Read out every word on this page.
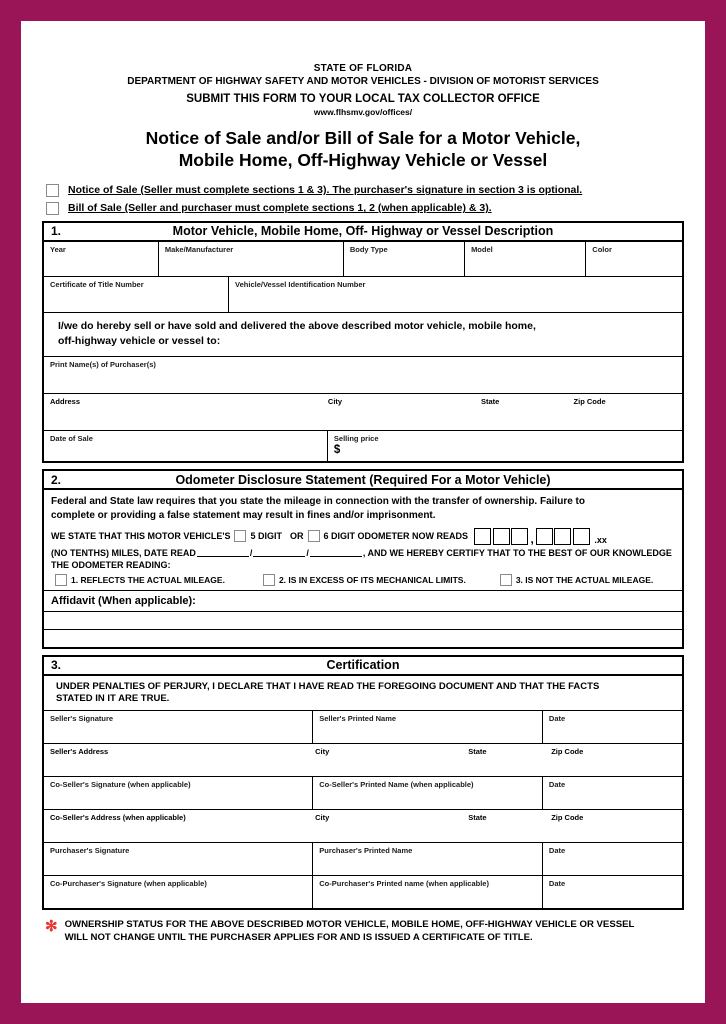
STATE OF FLORIDA
DEPARTMENT OF HIGHWAY SAFETY AND MOTOR VEHICLES - DIVISION OF MOTORIST SERVICES
SUBMIT THIS FORM TO YOUR LOCAL TAX COLLECTOR OFFICE
www.flhsmv.gov/offices/
Notice of Sale and/or Bill of Sale for a Motor Vehicle,
Mobile Home, Off-Highway Vehicle or Vessel
Notice of Sale (Seller must complete sections 1 & 3). The purchaser's signature in section 3 is optional.
Bill of Sale (Seller and purchaser must complete sections 1, 2 (when applicable) & 3).
1.	Motor Vehicle, Mobile Home, Off- Highway or Vessel Description
Year	Make/Manufacturer	Body Type	Model	Color
Certificate of Title Number	Vehicle/Vessel Identification Number
I/we do hereby sell or have sold and delivered the above described motor vehicle, mobile home,
off-highway vehicle or vessel to:
Print Name(s) of Purchaser(s)
Address	City	State	Zip Code
Date of Sale	Selling price
$
2.	Odometer Disclosure Statement (Required For a Motor Vehicle)
Federal and State law requires that you state the mileage in connection with the transfer of ownership. Failure to
complete or providing a false statement may result in fines and/or imprisonment.
WE STATE THAT THIS MOTOR VEHICLE'S 5 DIGIT OR 6 DIGIT ODOMETER NOW READS	,	.xx
(NO TENTHS) MILES, DATE READ	/	/	, AND WE HEREBY CERTIFY THAT TO THE BEST OF OUR KNOWLEDGE
THE ODOMETER READING:
1. REFLECTS THE ACTUAL MILEAGE.	2. IS IN EXCESS OF ITS MECHANICAL LIMITS.	3. IS NOT THE ACTUAL MILEAGE.
Affidavit (When applicable):
3.	Certification
UNDER PENALTIES OF PERJURY, I DECLARE THAT I HAVE READ THE FOREGOING DOCUMENT AND THAT THE FACTS
STATED IN IT ARE TRUE.
Seller's Signature	Seller's Printed Name	Date
Seller's Address	City	State	Zip Code
Co-Seller's Signature (when applicable)	Co-Seller's Printed Name (when applicable)	Date
Co-Seller's Address (when applicable)	City	State	Zip Code
Purchaser's Signature	Purchaser's Printed Name	Date
Co-Purchaser's Signature (when applicable)	Co-Purchaser's Printed name (when applicable)	Date
✻ OWNERSHIP STATUS FOR THE ABOVE DESCRIBED MOTOR VEHICLE, MOBILE HOME, OFF-HIGHWAY VEHICLE OR VESSEL
WILL NOT CHANGE UNTIL THE PURCHASER APPLIES FOR AND IS ISSUED A CERTIFICATE OF TITLE.
